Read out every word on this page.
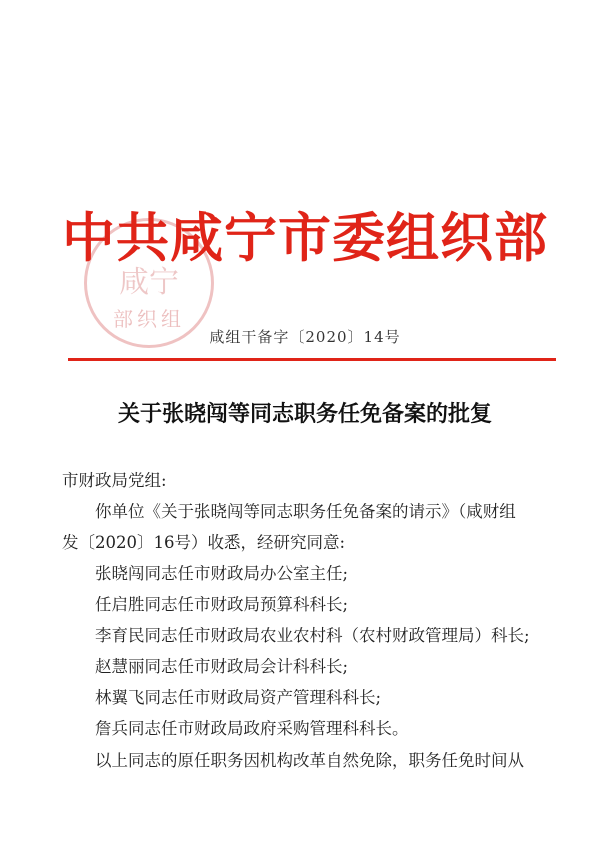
咸宁
部织组
中共咸宁市委组织部
咸组干备字〔2020〕14号
关于张晓闯等同志职务任免备案的批复
市财政局党组:
你单位《关于张晓闯等同志职务任免备案的请示》（咸财组
发〔2020〕16号）收悉，经研究同意:
张晓闯同志任市财政局办公室主任;
任启胜同志任市财政局预算科科长;
李育民同志任市财政局农业农村科（农村财政管理局）科长;
赵慧丽同志任市财政局会计科科长;
林翼飞同志任市财政局资产管理科科长;
詹兵同志任市财政局政府采购管理科科长。
以上同志的原任职务因机构改革自然免除，职务任免时间从
